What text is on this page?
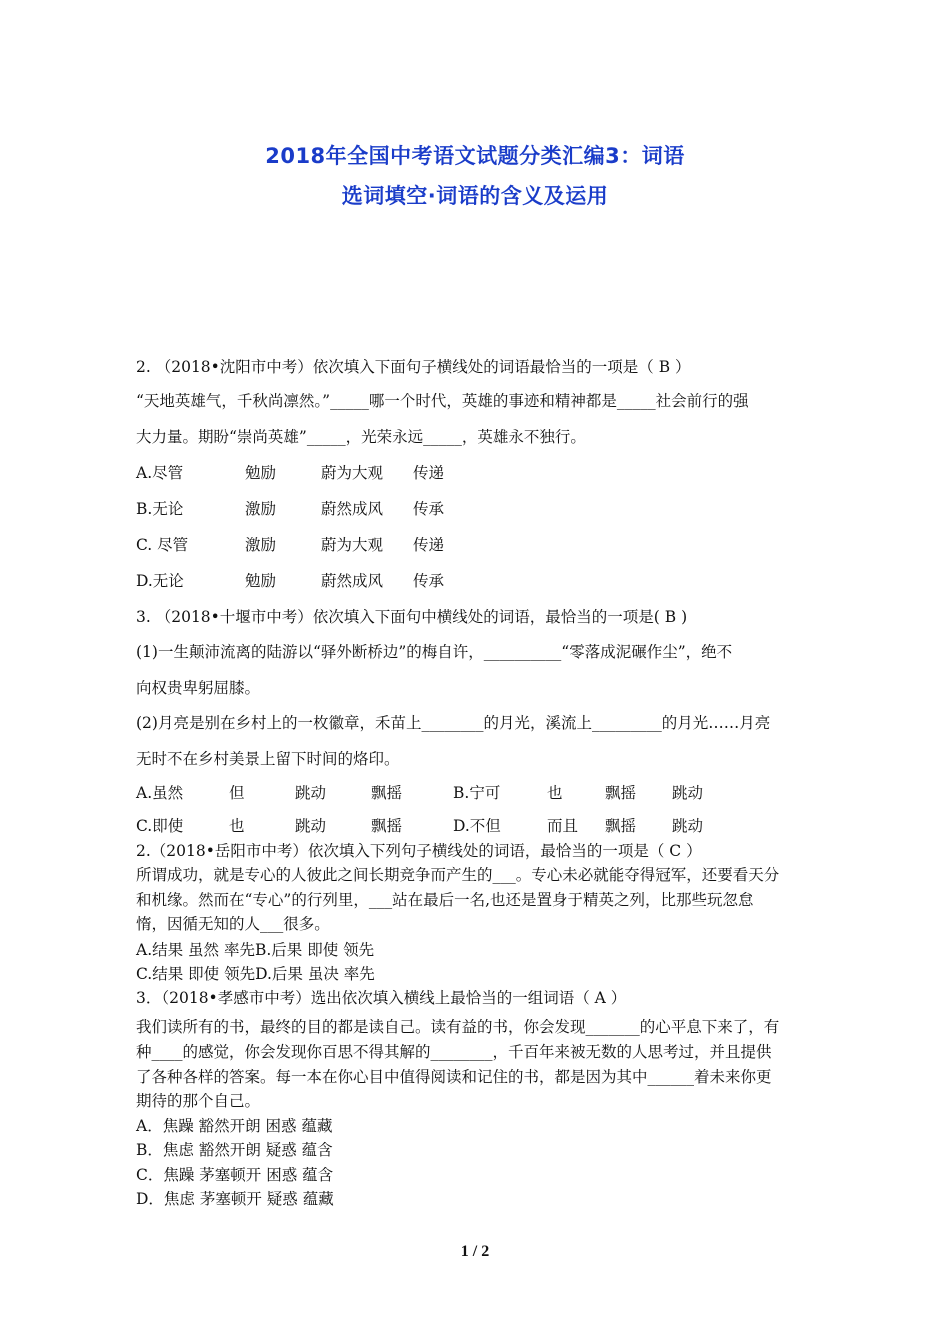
2018年全国中考语文试题分类汇编3：词语
选词填空·词语的含义及运用
2. （2018•沈阳市中考）依次填入下面句子横线处的词语最恰当的一项是（ B ）
“天地英雄气，千秋尚凛然。”_____哪一个时代，英雄的事迹和精神都是_____社会前行的强
大力量。期盼“崇尚英雄”_____，光荣永远_____，英雄永不独行。
A.尽管	勉励	蔚为大观 传递
B.无论	激励	蔚然成风 传承
C. 尽管	激励	蔚为大观 传递
D.无论	勉励	蔚然成风 传承
3. （2018•十堰市中考）依次填入下面句中横线处的词语，最恰当的一项是( B )
(1)一生颠沛流离的陆游以“驿外断桥边”的梅自许，__________“零落成泥碾作尘”，绝不
向权贵卑躬屈膝。
(2)月亮是别在乡村上的一枚徽章，禾苗上________的月光，溪流上_________的月光……月亮
无时不在乡村美景上留下时间的烙印。
A.虽然	但	跳动	飘摇	B.宁可	也	飘摇 跳动
C.即使	也	跳动	飘摇	D.不但	而且 飘摇 跳动
2.（2018•岳阳市中考）依次填入下列句子横线处的词语，最恰当的一项是（ C ）
所谓成功，就是专心的人彼此之间长期竞争而产生的___。专心未必就能夺得冠军，还要看天分
和机缘。然而在“专心”的行列里，___站在最后一名,也还是置身于精英之列，比那些玩忽怠
惰，因循无知的人___很多。
A.结果 虽然 率先B.后果 即使 领先
C.结果 即使 领先D.后果 虽决 率先
3．（2018•孝感市中考）选出依次填入横线上最恰当的一组词语（ A ）
我们读所有的书，最终的目的都是读自己。读有益的书，你会发现_______的心平息下来了，有
种____的感觉，你会发现你百思不得其解的________，千百年来被无数的人思考过，并且提供
了各种各样的答案。每一本在你心目中值得阅读和记住的书，都是因为其中______着未来你更
期待的那个自己。
A．焦躁 豁然开朗 困惑 蕴藏
B．焦虑 豁然开朗 疑惑 蕴含
C．焦躁 茅塞顿开 困惑 蕴含
D．焦虑 茅塞顿开 疑惑 蕴藏
1 / 2
